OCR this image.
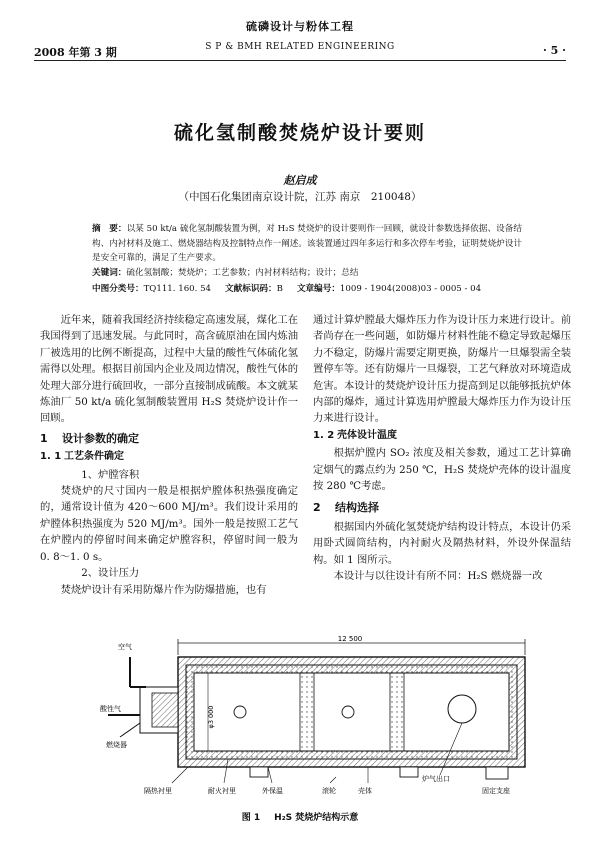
硫磷设计与粉体工程
2008 年第 3 期	S P & BMH RELATED ENGINEERING	· 5 ·
硫化氢制酸焚烧炉设计要则
赵启成
（中国石化集团南京设计院，江苏 南京　210048）
摘　要：以某 50 kt/a 硫化氢制酸装置为例，对 H₂S 焚烧炉的设计要则作一回顾，就设计参数选择依据、设备结构、内衬材料及施工、燃烧器结构及控制特点作一阐述。该装置通过四年多运行和多次停车考验，证明焚烧炉设计是安全可靠的，满足了生产要求。
关键词：硫化氢制酸；焚烧炉；工艺参数；内衬材料结构；设计；总结
中图分类号：TQ111. 160. 54 文献标识码：B 文章编号：1009 - 1904(2008)03 - 0005 - 04

近年来，随着我国经济持续稳定高速发展，煤化工在我国得到了迅速发展。与此同时，高含硫原油在国内炼油厂被选用的比例不断提高，过程中大量的酸性气体硫化氢需得以处理。根据目前国内企业及周边情况，酸性气体的处理大部分进行硫回收，一部分直接制成硫酸。本文就某炼油厂 50 kt/a 硫化氢制酸装置用 H₂S 焚烧炉设计作一回顾。

1 设计参数的确定
1. 1 工艺条件确定

1、炉膛容积

焚烧炉的尺寸国内一般是根据炉膛体积热强度确定的，通常设计值为 420～600 MJ/m³。我们设计采用的炉膛体积热强度为 520 MJ/m³。国外一般是按照工艺气在炉膛内的停留时间来确定炉膛容积，停留时间一般为 0. 8～1. 0 s。

2、设计压力

焚烧炉设计有采用防爆片作为防爆措施，也有

通过计算炉膛最大爆炸压力作为设计压力来进行设计。前者尚存在一些问题，如防爆片材料性能不稳定导致起爆压力不稳定，防爆片需要定期更换，防爆片一旦爆裂需全装置停车等。还有防爆片一旦爆裂，工艺气释放对环境造成危害。本设计的焚烧炉设计压力提高到足以能够抵抗炉体内部的爆炸，通过计算选用炉膛最大爆炸压力作为设计压力来进行设计。

1. 2 壳体设计温度

根据炉膛内 SO₂ 浓度及相关参数，通过工艺计算确定烟气的露点约为 250 ℃，H₂S 焚烧炉壳体的设计温度按 280 ℃考虑。

2 结构选择

根据国内外硫化氢焚烧炉结构设计特点，本设计仍采用卧式圆筒结构，内衬耐火及隔热材料，外设外保温结构。如 1 图所示。

本设计与以往设计有所不同：H₂S 燃烧器一改

12 500
φ3 000
空气
酸性气
燃烧器
隔热衬里	耐火衬里	外保温	滚轮	壳体
炉气出口
固定支座
图 1 H₂S 焚烧炉结构示意
